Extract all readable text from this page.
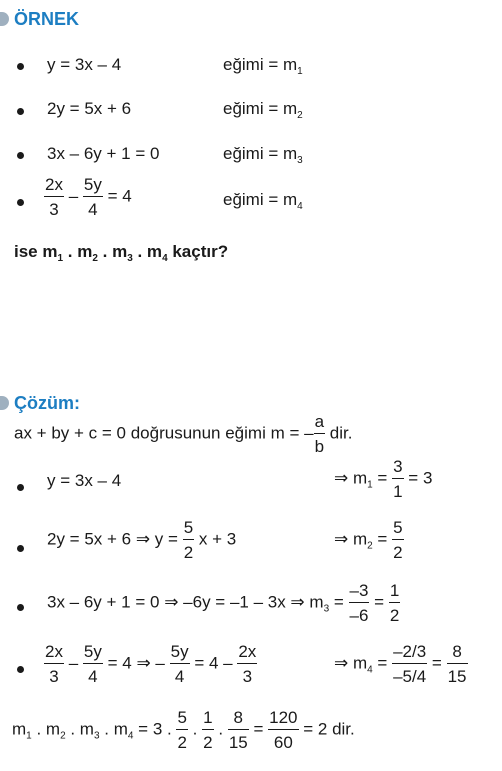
ÖRNEK
y = 3x – 4	eğimi = $m_1$
2y = 5x + 6	eğimi = $m_2$
3x – 6y + 1 = 0	eğimi = $m_3$
$\frac{2x}{3} - \frac{5y}{4} = 4$	eğimi = $m_4$
ise $m_1$ . $m_2$ . $m_3$ . $m_4$ kaçtır?
Çözüm:
ax + by + c = 0 doğrusunun eğimi m = – $\frac{a}{b}$ dir.
y = 3x – 4	⇒ $m_1 = \frac{3}{1} = 3$
2y = 5x + 6 ⇒ $y = \frac{5}{2}$ x + 3	⇒ $m_2 = \frac{5}{2}$
3x – 6y + 1 = 0 ⇒ –6y = –1 – 3x ⇒ $m_3 = \frac{-3}{-6} = \frac{1}{2}$
$\frac{2x}{3} - \frac{5y}{4} = 4$ ⇒ – $\frac{5y}{4} = 4 - \frac{2x}{3}$	⇒ $m_4 = \frac{-2/3}{-5/4} = \frac{8}{15}$
$m_1$ . $m_2$ . $m_3$ . $m_4 = 3$ . $\frac{5}{2}$ . $\frac{1}{2}$ . $\frac{8}{15} = \frac{120}{60} = 2$ dir.
